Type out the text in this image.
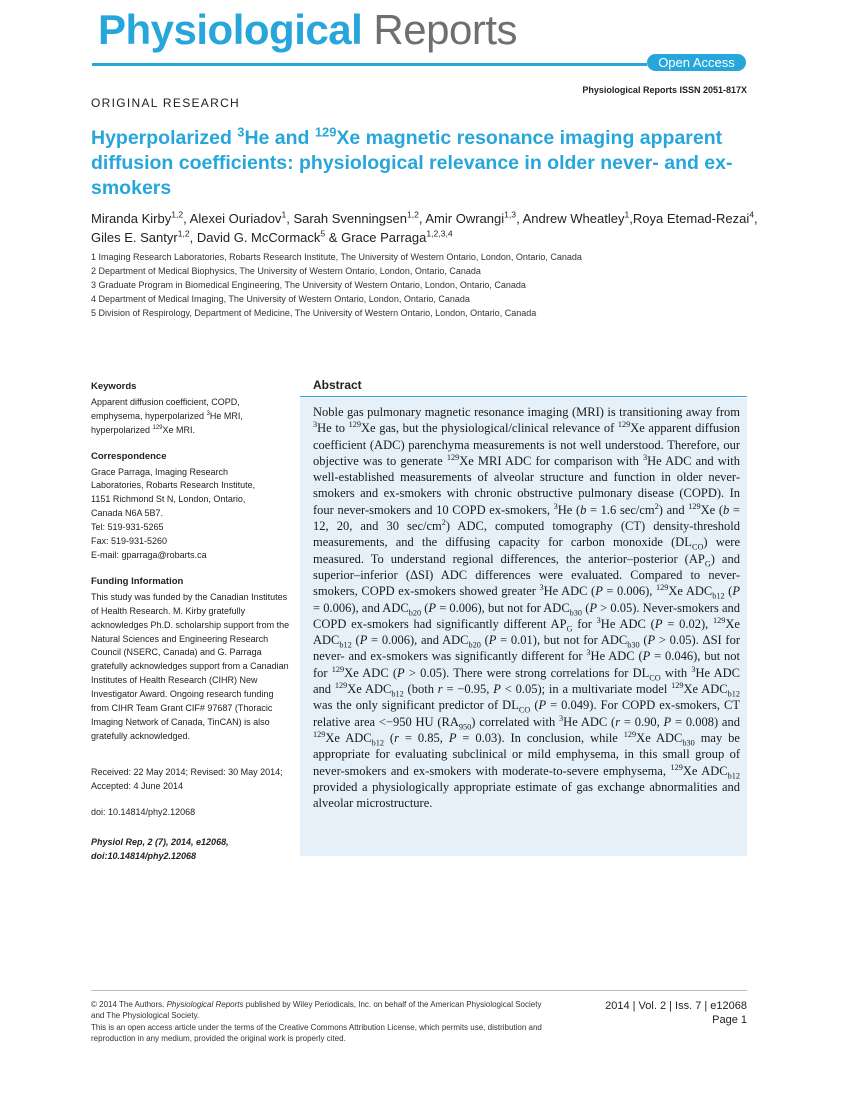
Physiological Reports
Open Access
Physiological Reports ISSN 2051-817X
ORIGINAL RESEARCH
Hyperpolarized $^3$He and $^{129}$Xe magnetic resonance imaging apparent diffusion coefficients: physiological relevance in older never- and ex-smokers
Miranda Kirby$^{1,2}$, Alexei Ouriadov$^1$, Sarah Svenningsen$^{1,2}$, Amir Owrangi$^{1,3}$, Andrew Wheatley$^1$,Roya Etemad-Rezai$^4$, Giles E. Santyr$^{1,2}$, David G. McCormack$^5$ & Grace Parraga$^{1,2,3,4}$
1 Imaging Research Laboratories, Robarts Research Institute, The University of Western Ontario, London, Ontario, Canada
2 Department of Medical Biophysics, The University of Western Ontario, London, Ontario, Canada
3 Graduate Program in Biomedical Engineering, The University of Western Ontario, London, Ontario, Canada
4 Department of Medical Imaging, The University of Western Ontario, London, Ontario, Canada
5 Division of Respirology, Department of Medicine, The University of Western Ontario, London, Ontario, Canada
Keywords
Apparent diffusion coefficient, COPD, emphysema, hyperpolarized $^3$He MRI, hyperpolarized $^{129}$Xe MRI.
Correspondence
Grace Parraga, Imaging Research
Laboratories, Robarts Research Institute,
1151 Richmond St N, London, Ontario,
Canada N6A 5B7.
Tel: 519-931-5265
Fax: 519-931-5260
E-mail: gparraga@robarts.ca
Funding Information
This study was funded by the Canadian Institutes of Health Research. M. Kirby gratefully acknowledges Ph.D. scholarship support from the Natural Sciences and Engineering Research Council (NSERC, Canada) and G. Parraga gratefully acknowledges support from a Canadian Institutes of Health Research (CIHR) New Investigator Award. Ongoing research funding from CIHR Team Grant CIF# 97687 (Thoracic Imaging Network of Canada, TinCAN) is also gratefully acknowledged.
Received: 22 May 2014; Revised: 30 May 2014; Accepted: 4 June 2014
doi: 10.14814/phy2.12068
Physiol Rep, 2 (7), 2014, e12068, doi:10.14814/phy2.12068
Abstract
Noble gas pulmonary magnetic resonance imaging (MRI) is transitioning away from $^3$He to $^{129}$Xe gas, but the physiological/clinical relevance of $^{129}$Xe apparent diffusion coefficient (ADC) parenchyma measurements is not well understood. Therefore, our objective was to generate $^{129}$Xe MRI ADC for comparison with $^3$He ADC and with well-established measurements of alveolar structure and function in older never-smokers and ex-smokers with chronic obstructive pulmonary disease (COPD). In four never-smokers and 10 COPD ex-smokers, $^3$He (b = 1.6 $\sec/cm^2$) and $^{129}$Xe (b = 12, 20, and 30 $\sec/cm^2$) ADC, computed tomography (CT) density-threshold measurements, and the diffusing capacity for carbon monoxide $(DL_{CO})$ were measured. To understand regional differences, the anterior–posterior $(AP_G)$ and superior–inferior (ΔSI) ADC differences were evaluated. Compared to never-smokers, COPD ex-smokers showed greater $^3$He ADC (P = 0.006), $^{129}$Xe $ADC_{b12}$ (P = 0.006), and $ADC_{b20}$ (P = 0.006), but not for $ADC_{b30}$ (P > 0.05). Never-smokers and COPD ex-smokers had significantly different $AP_G$ for $^3$He ADC (P = 0.02), $^{129}$Xe $ADC_{b12}$ (P = 0.006), and $ADC_{b20}$ (P = 0.01), but not for $ADC_{b30}$ (P > 0.05). ΔSI for never- and ex-smokers was significantly different for $^3$He ADC (P = 0.046), but not for $^{129}$Xe ADC (P > 0.05). There were strong correlations for $DL_{CO}$ with $^3$He ADC and $^{129}$Xe $ADC_{b12}$ (both r = −0.95, P < 0.05); in a multivariate model $^{129}$Xe $ADC_{b12}$ was the only significant predictor of $DL_{CO}$ (P = 0.049). For COPD ex-smokers, CT relative area <−950 HU $(RA_{950})$ correlated with $^3$He ADC (r = 0.90, P = 0.008) and $^{129}$Xe $ADC_{b12}$ (r = 0.85, P = 0.03). In conclusion, while $^{129}$Xe $ADC_{b30}$ may be appropriate for evaluating subclinical or mild emphysema, in this small group of never-smokers and ex-smokers with moderate-to-severe emphysema, $^{129}$Xe $ADC_{b12}$ provided a physiologically appropriate estimate of gas exchange abnormalities and alveolar microstructure.
© 2014 The Authors. Physiological Reports published by Wiley Periodicals, Inc. on behalf of the American Physiological Society and The Physiological Society.
This is an open access article under the terms of the Creative Commons Attribution License, which permits use, distribution and reproduction in any medium, provided the original work is properly cited.
2014 | Vol. 2 | Iss. 7 | e12068
Page 1
